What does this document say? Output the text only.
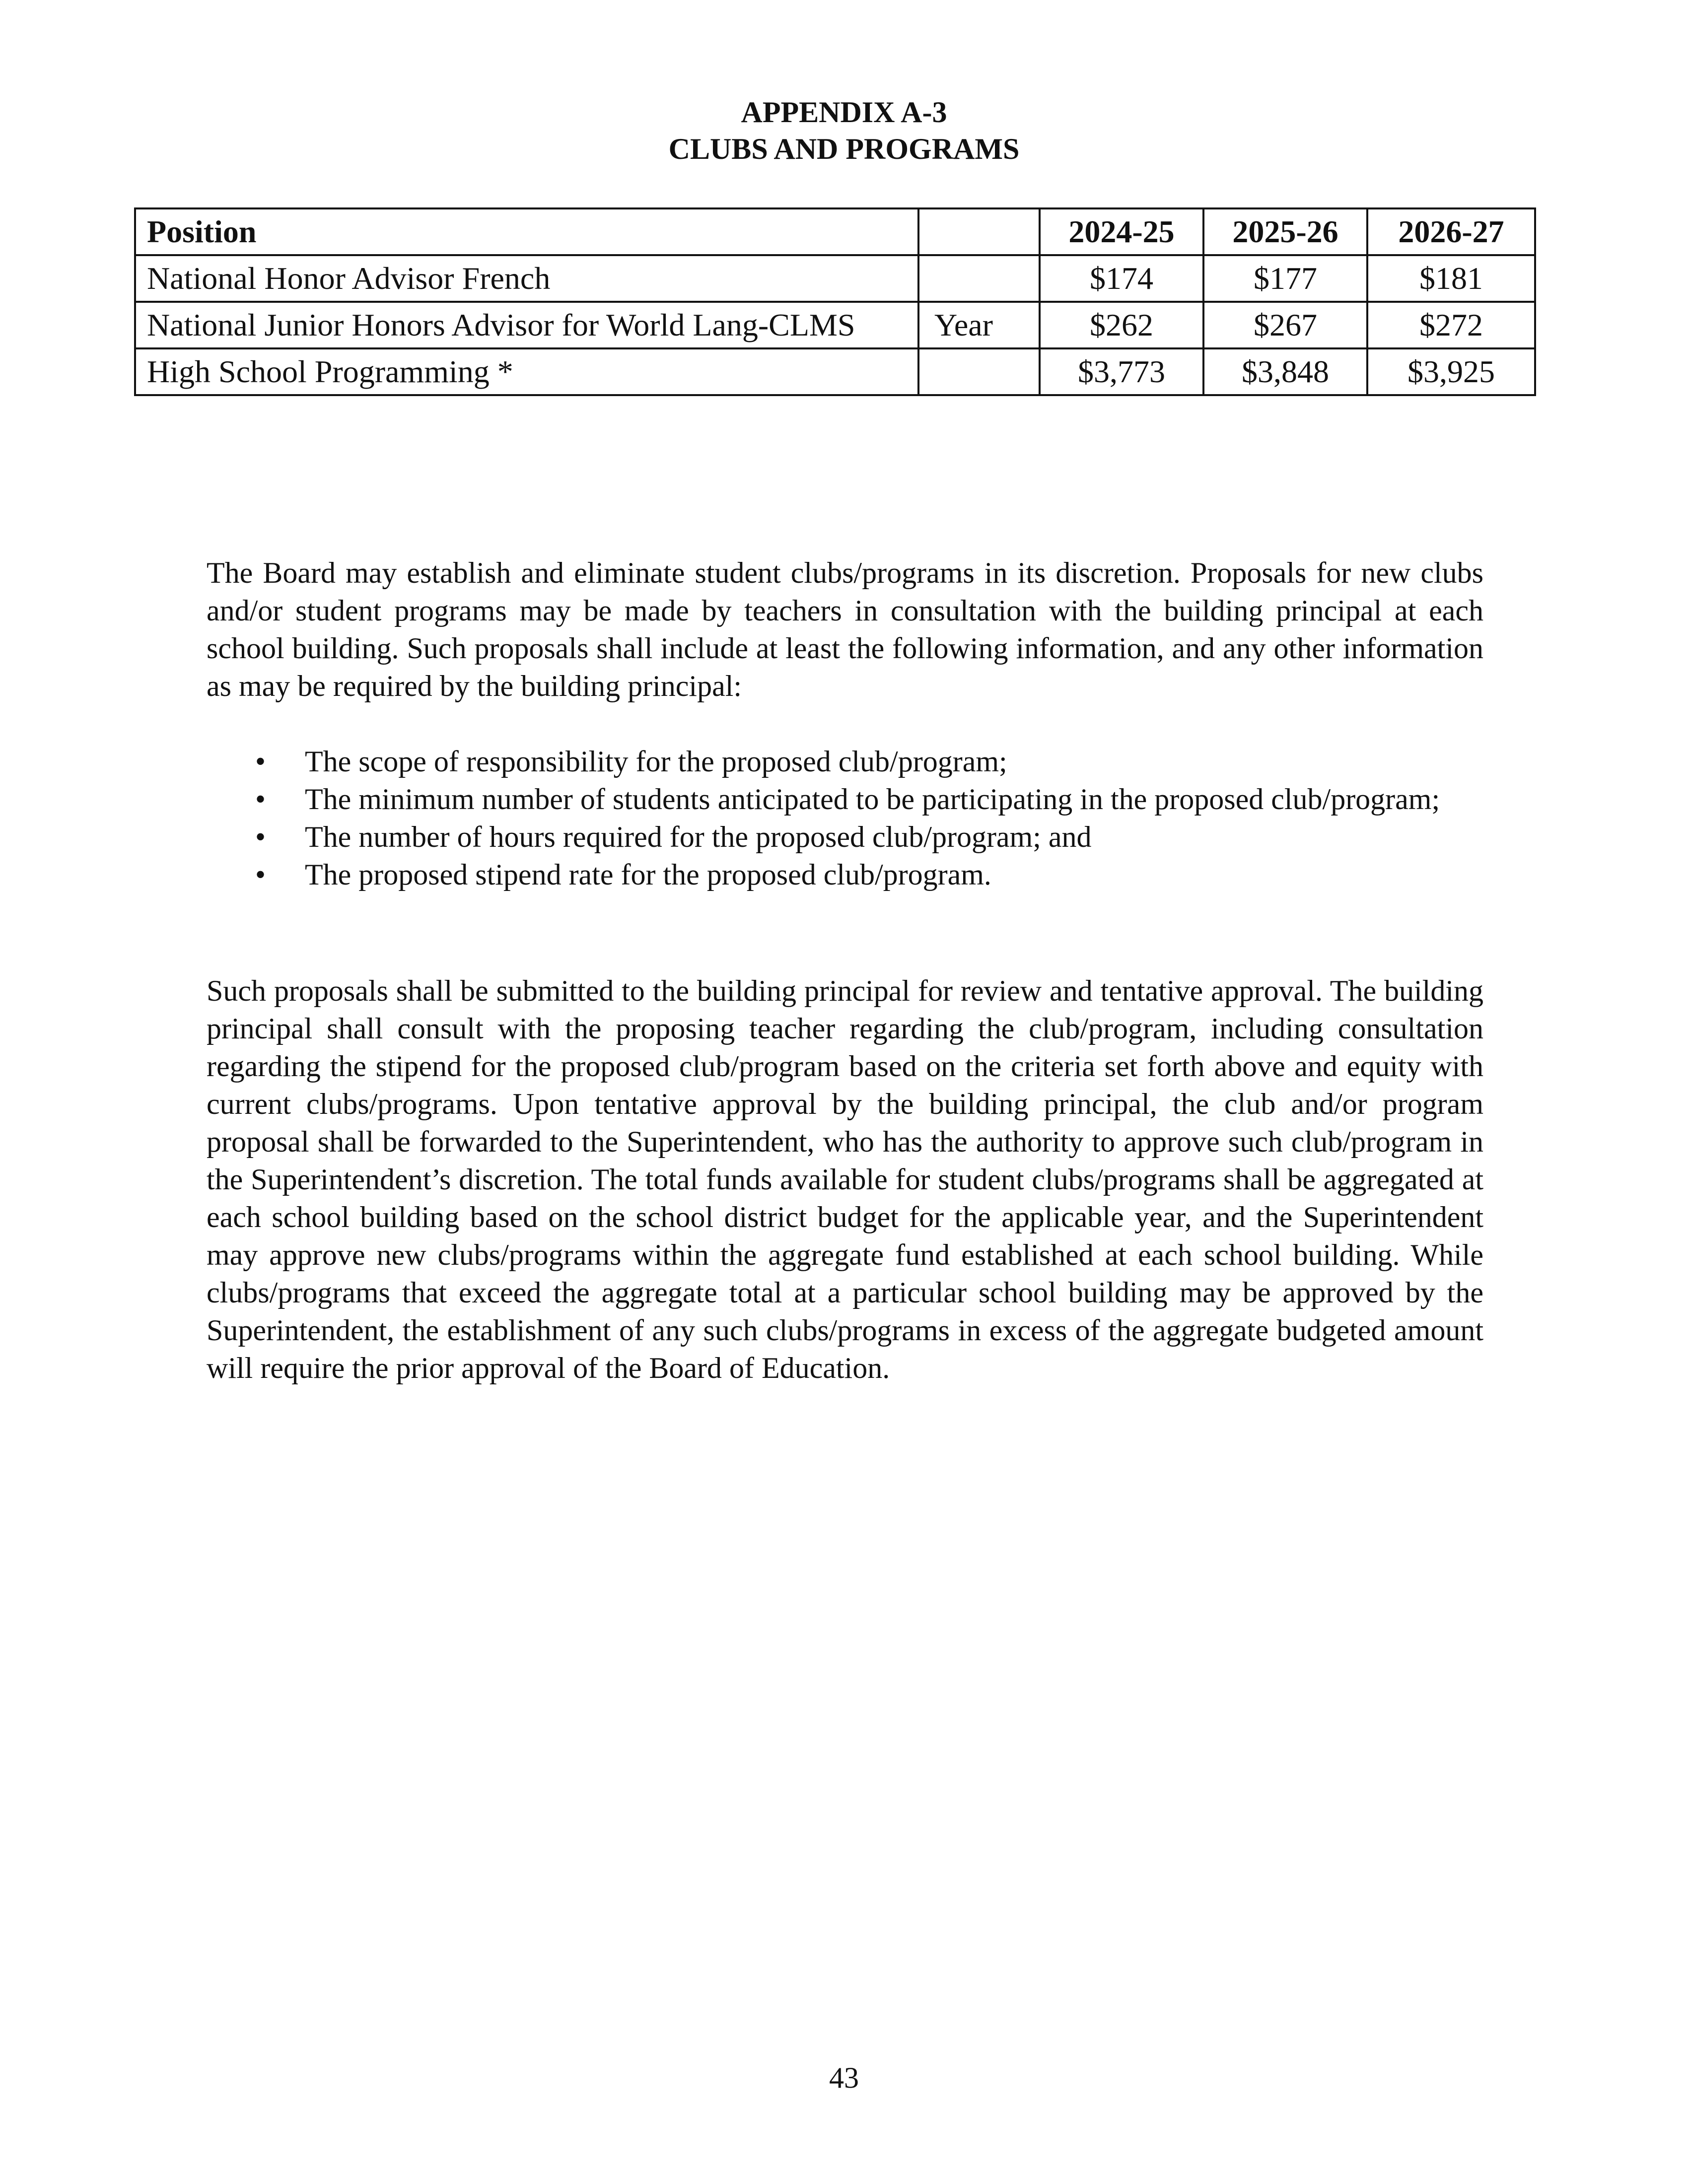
APPENDIX A-3
CLUBS AND PROGRAMS
Position		2024-25	2025-26	2026-27
National Honor Advisor French		$174	$177	$181
National Junior Honors Advisor for World Lang-CLMS	Year	$262	$267	$272
High School Programming *		$3,773	$3,848	$3,925

The Board may establish and eliminate student clubs/programs in its discretion. Proposals for new clubs and/or student programs may be made by teachers in consultation with the building principal at each school building. Such proposals shall include at least the following information, and any other information as may be required by the building principal:

• The scope of responsibility for the proposed club/program;
• The minimum number of students anticipated to be participating in the proposed club/program;
• The number of hours required for the proposed club/program; and
• The proposed stipend rate for the proposed club/program.

Such proposals shall be submitted to the building principal for review and tentative approval. The building principal shall consult with the proposing teacher regarding the club/program, including consultation regarding the stipend for the proposed club/program based on the criteria set forth above and equity with current clubs/programs. Upon tentative approval by the building principal, the club and/or program proposal shall be forwarded to the Superintendent, who has the authority to approve such club/program in the Superintendent’s discretion. The total funds available for student clubs/programs shall be aggregated at each school building based on the school district budget for the applicable year, and the Superintendent may approve new clubs/programs within the aggregate fund established at each school building. While clubs/programs that exceed the aggregate total at a particular school building may be approved by the Superintendent, the establishment of any such clubs/programs in excess of the aggregate budgeted amount will require the prior approval of the Board of Education.

43
